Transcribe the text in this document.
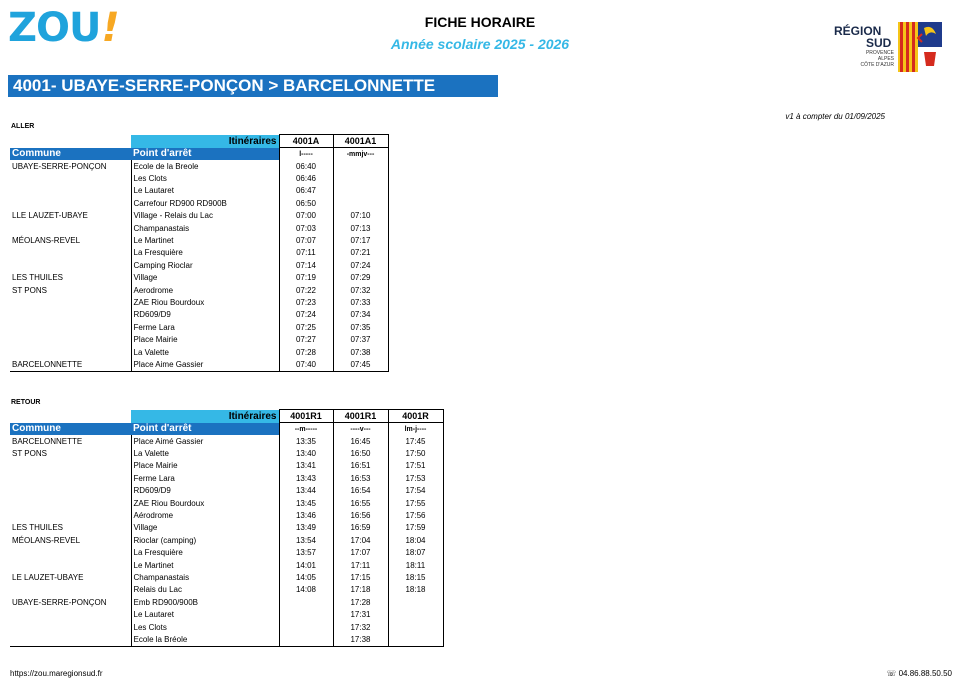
ZOU !	FICHE HORAIRE
Année scolaire 2025 - 2026
RÉGION
SUD
PROVENCE
ALPES
CÔTE D'AZUR
4001- UBAYE-SERRE-PONÇON > BARCELONNETTE
v1 à compter du 01/09/2025
ALLER
	Itinéraires	4001A	4001A1
Commune	Point d'arrêt	l-----	-mmjv---
UBAYE-SERRE-PONÇON	Ecole de la Breole	06:40	
	Les Clots	06:46	
	Le Lautaret	06:47	
	Carrefour RD900 RD900B	06:50	
LLE LAUZET-UBAYE	Village - Relais du Lac	07:00	07:10
	Champanastais	07:03	07:13
MÉOLANS-REVEL	Le Martinet	07:07	07:17
	La Fresquière	07:11	07:21
	Camping Rioclar	07:14	07:24
LES THUILES	Village	07:19	07:29
ST PONS	Aerodrome	07:22	07:32
	ZAE Riou Bourdoux	07:23	07:33
	RD609/D9	07:24	07:34
	Ferme Lara	07:25	07:35
	Place Mairie	07:27	07:37
	La Valette	07:28	07:38
BARCELONNETTE	Place Aime Gassier	07:40	07:45
RETOUR
	Itinéraires	4001R1	4001R1	4001R
Commune	Point d'arrêt	--m-----	----v---	lm-j----
BARCELONNETTE	Place Aimé Gassier	13:35	16:45	17:45
ST PONS	La Valette	13:40	16:50	17:50
	Place Mairie	13:41	16:51	17:51
	Ferme Lara	13:43	16:53	17:53
	RD609/D9	13:44	16:54	17:54
	ZAE Riou Bourdoux	13:45	16:55	17:55
	Aérodrome	13:46	16:56	17:56
LES THUILES	Village	13:49	16:59	17:59
MÉOLANS-REVEL	Rioclar (camping)	13:54	17:04	18:04
	La Fresquière	13:57	17:07	18:07
	Le Martinet	14:01	17:11	18:11
LE LAUZET-UBAYE	Champanastais	14:05	17:15	18:15
	Relais du Lac	14:08	17:18	18:18
UBAYE-SERRE-PONÇON	Emb RD900/900B		17:28	
	Le Lautaret		17:31	
	Les Clots		17:32	
	Ecole la Bréole		17:38	
https://zou.maregionsud.fr	☏ 04.86.88.50.50
